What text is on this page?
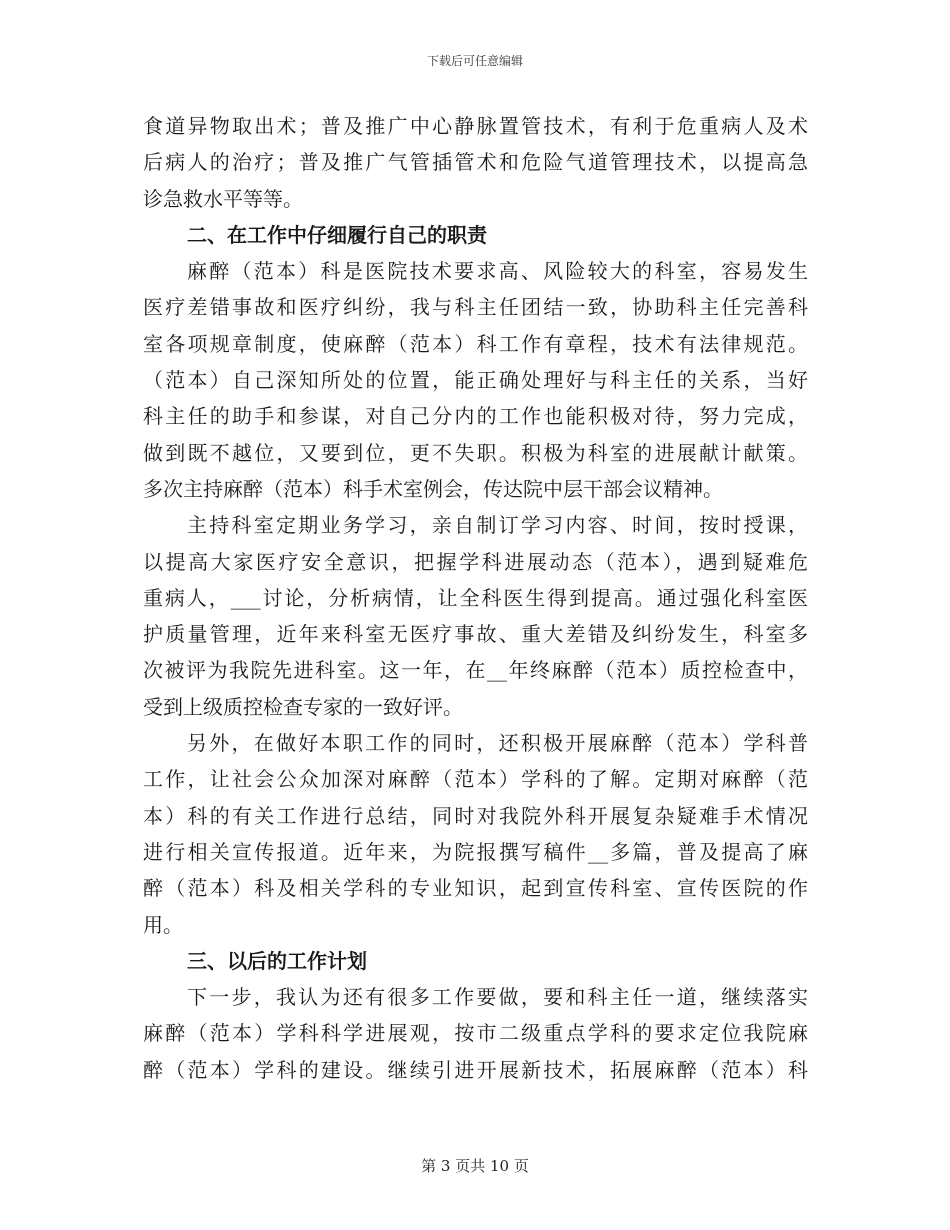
下载后可任意编辑
食道异物取出术；普及推广中心静脉置管技术，有利于危重病人及术
后病人的治疗；普及推广气管插管术和危险气道管理技术，以提高急
诊急救水平等等。
二、在工作中仔细履行自己的职责
麻醉（范本）科是医院技术要求高、风险较大的科室，容易发生
医疗差错事故和医疗纠纷，我与科主任团结一致，协助科主任完善科
室各项规章制度，使麻醉（范本）科工作有章程，技术有法律规范。
（范本）自己深知所处的位置，能正确处理好与科主任的关系，当好
科主任的助手和参谋，对自己分内的工作也能积极对待，努力完成，
做到既不越位，又要到位，更不失职。积极为科室的进展献计献策。
多次主持麻醉（范本）科手术室例会，传达院中层干部会议精神。
主持科室定期业务学习，亲自制订学习内容、时间，按时授课，
以提高大家医疗安全意识，把握学科进展动态（范本），遇到疑难危
重病人，___讨论，分析病情，让全科医生得到提高。通过强化科室医
护质量管理，近年来科室无医疗事故、重大差错及纠纷发生，科室多
次被评为我院先进科室。这一年，在__年终麻醉（范本）质控检查中，
受到上级质控检查专家的一致好评。
另外，在做好本职工作的同时，还积极开展麻醉（范本）学科普
工作，让社会公众加深对麻醉（范本）学科的了解。定期对麻醉（范
本）科的有关工作进行总结，同时对我院外科开展复杂疑难手术情况
进行相关宣传报道。近年来，为院报撰写稿件__多篇，普及提高了麻
醉（范本）科及相关学科的专业知识，起到宣传科室、宣传医院的作
用。
三、以后的工作计划
下一步，我认为还有很多工作要做，要和科主任一道，继续落实
麻醉（范本）学科科学进展观，按市二级重点学科的要求定位我院麻
醉（范本）学科的建设。继续引进开展新技术，拓展麻醉（范本）科
第 3 页共 10 页
